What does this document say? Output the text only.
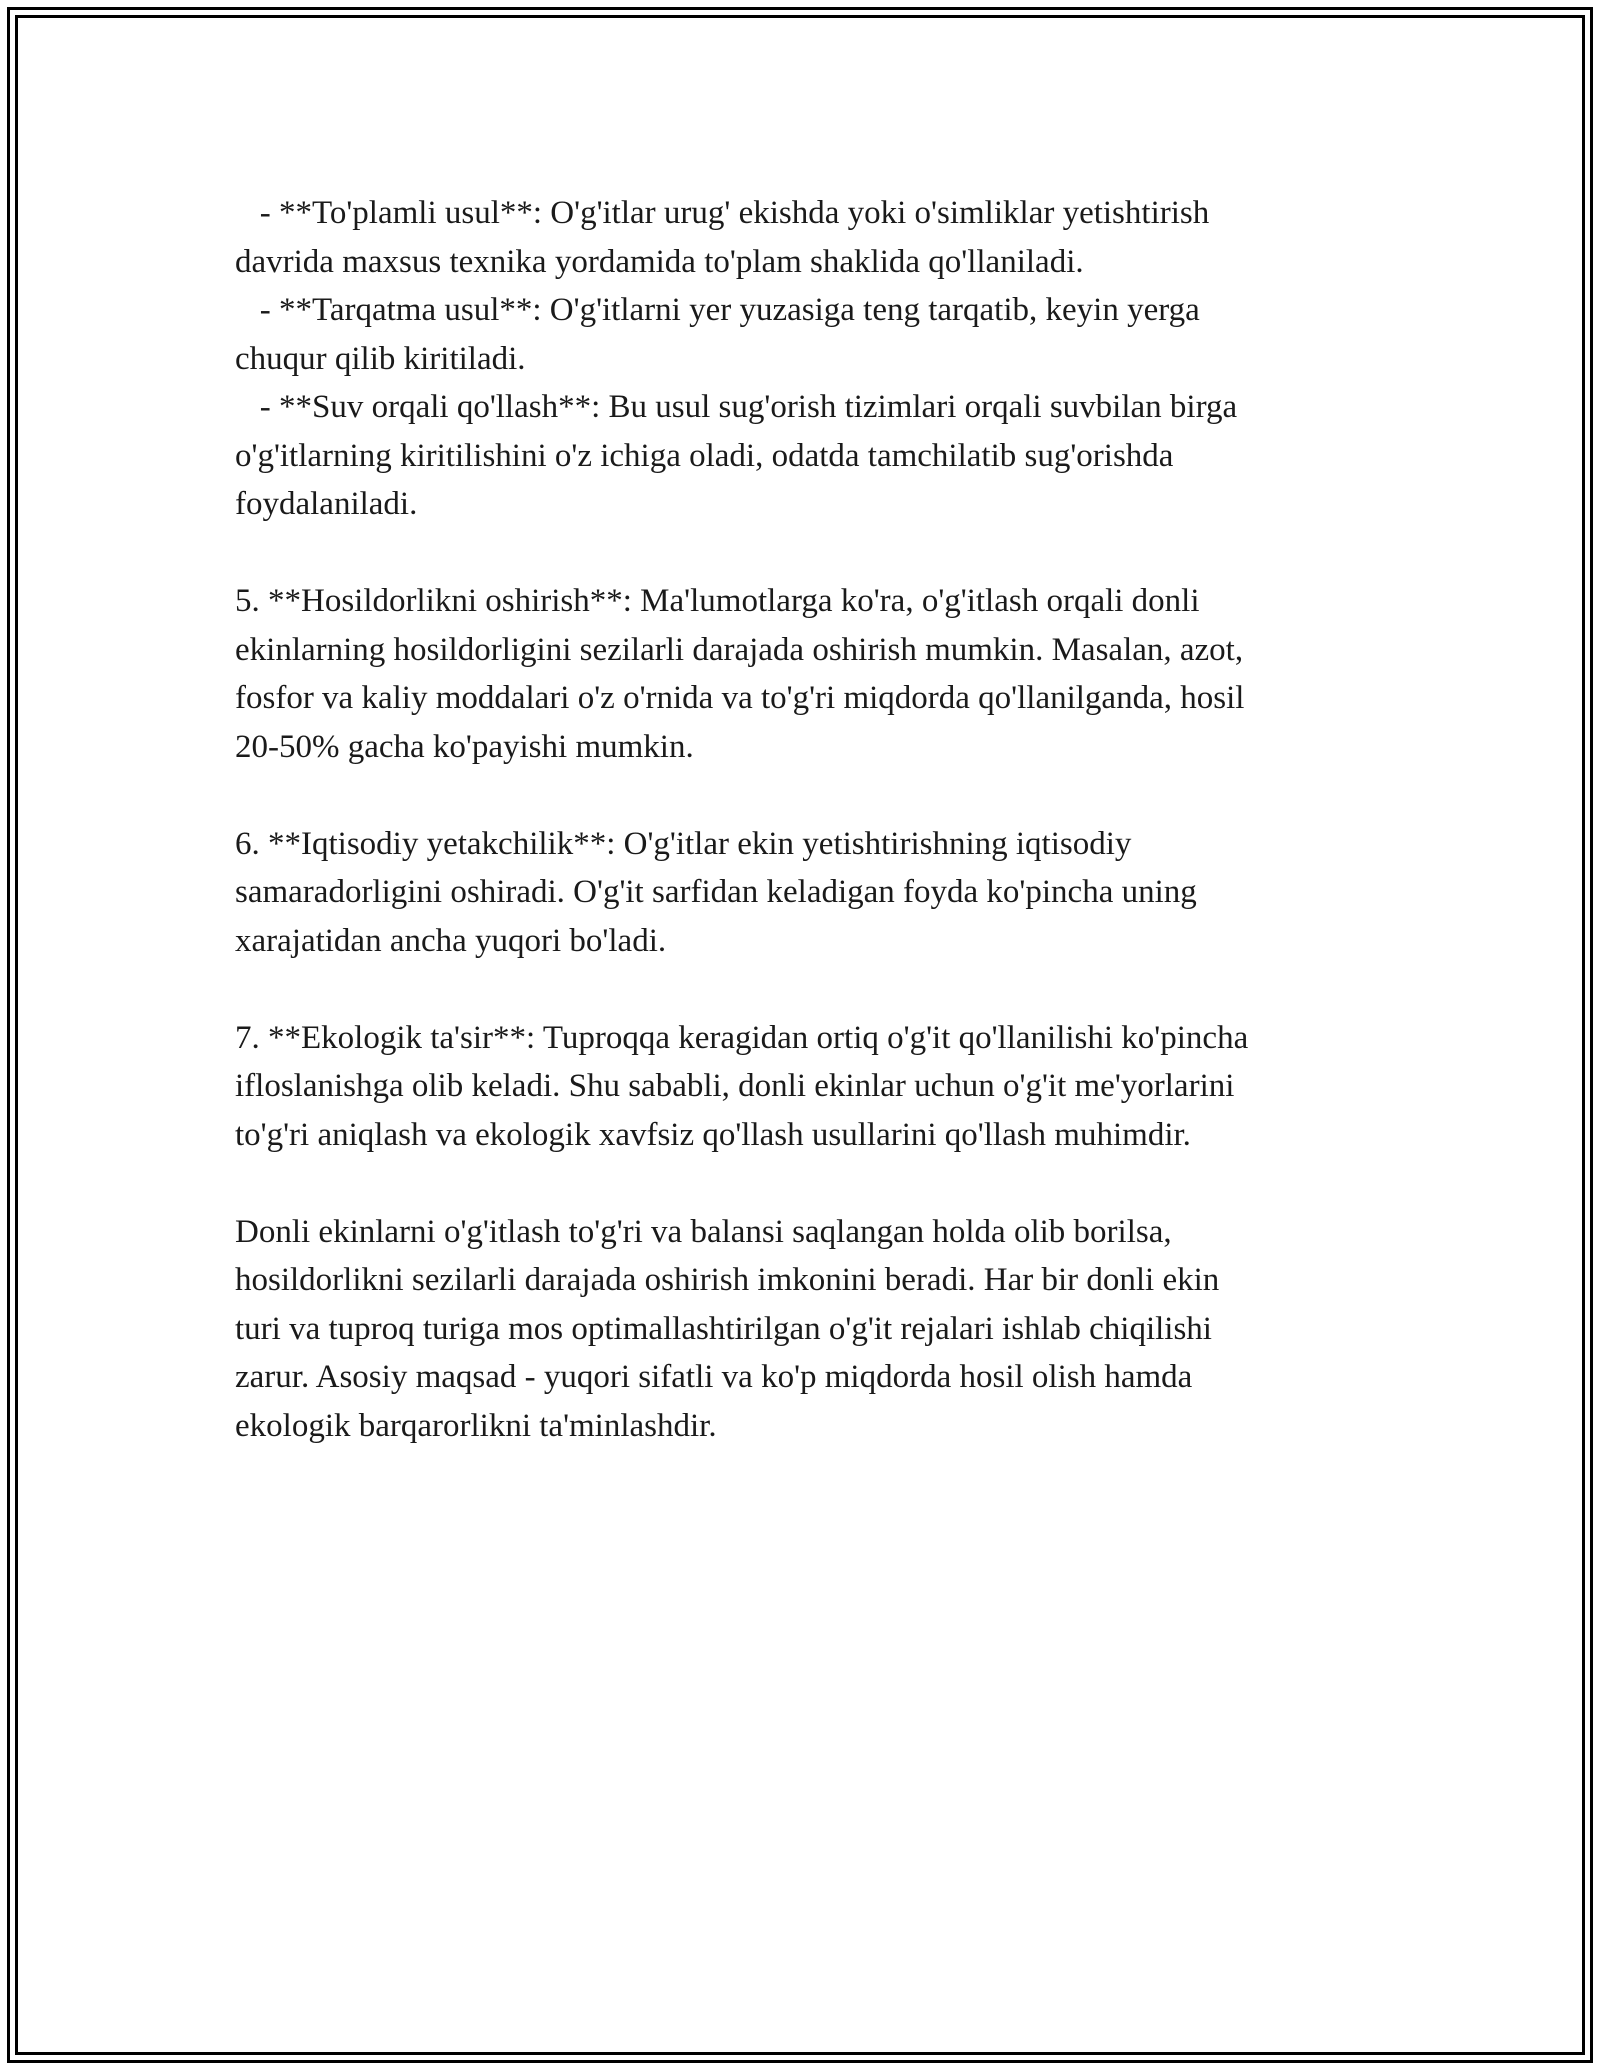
- **To'plamli usul**: O'g'itlar urug' ekishda yoki o'simliklar yetishtirish
davrida maxsus texnika yordamida to'plam shaklida qo'llaniladi.
- **Tarqatma usul**: O'g'itlarni yer yuzasiga teng tarqatib, keyin yerga
chuqur qilib kiritiladi.
- **Suv orqali qo'llash**: Bu usul sug'orish tizimlari orqali suvbilan birga
o'g'itlarning kiritilishini o'z ichiga oladi, odatda tamchilatib sug'orishda
foydalaniladi.
5. **Hosildorlikni oshirish**: Ma'lumotlarga ko'ra, o'g'itlash orqali donli
ekinlarning hosildorligini sezilarli darajada oshirish mumkin. Masalan, azot,
fosfor va kaliy moddalari o'z o'rnida va to'g'ri miqdorda qo'llanilganda, hosil
20-50% gacha ko'payishi mumkin.
6. **Iqtisodiy yetakchilik**: O'g'itlar ekin yetishtirishning iqtisodiy
samaradorligini oshiradi. O'g'it sarfidan keladigan foyda ko'pincha uning
xarajatidan ancha yuqori bo'ladi.
7. **Ekologik ta'sir**: Tuproqqa keragidan ortiq o'g'it qo'llanilishi ko'pincha
ifloslanishga olib keladi. Shu sababli, donli ekinlar uchun o'g'it me'yorlarini
to'g'ri aniqlash va ekologik xavfsiz qo'llash usullarini qo'llash muhimdir.
Donli ekinlarni o'g'itlash to'g'ri va balansi saqlangan holda olib borilsa,
hosildorlikni sezilarli darajada oshirish imkonini beradi. Har bir donli ekin
turi va tuproq turiga mos optimallashtirilgan o'g'it rejalari ishlab chiqilishi
zarur. Asosiy maqsad - yuqori sifatli va ko'p miqdorda hosil olish hamda
ekologik barqarorlikni ta'minlashdir.
